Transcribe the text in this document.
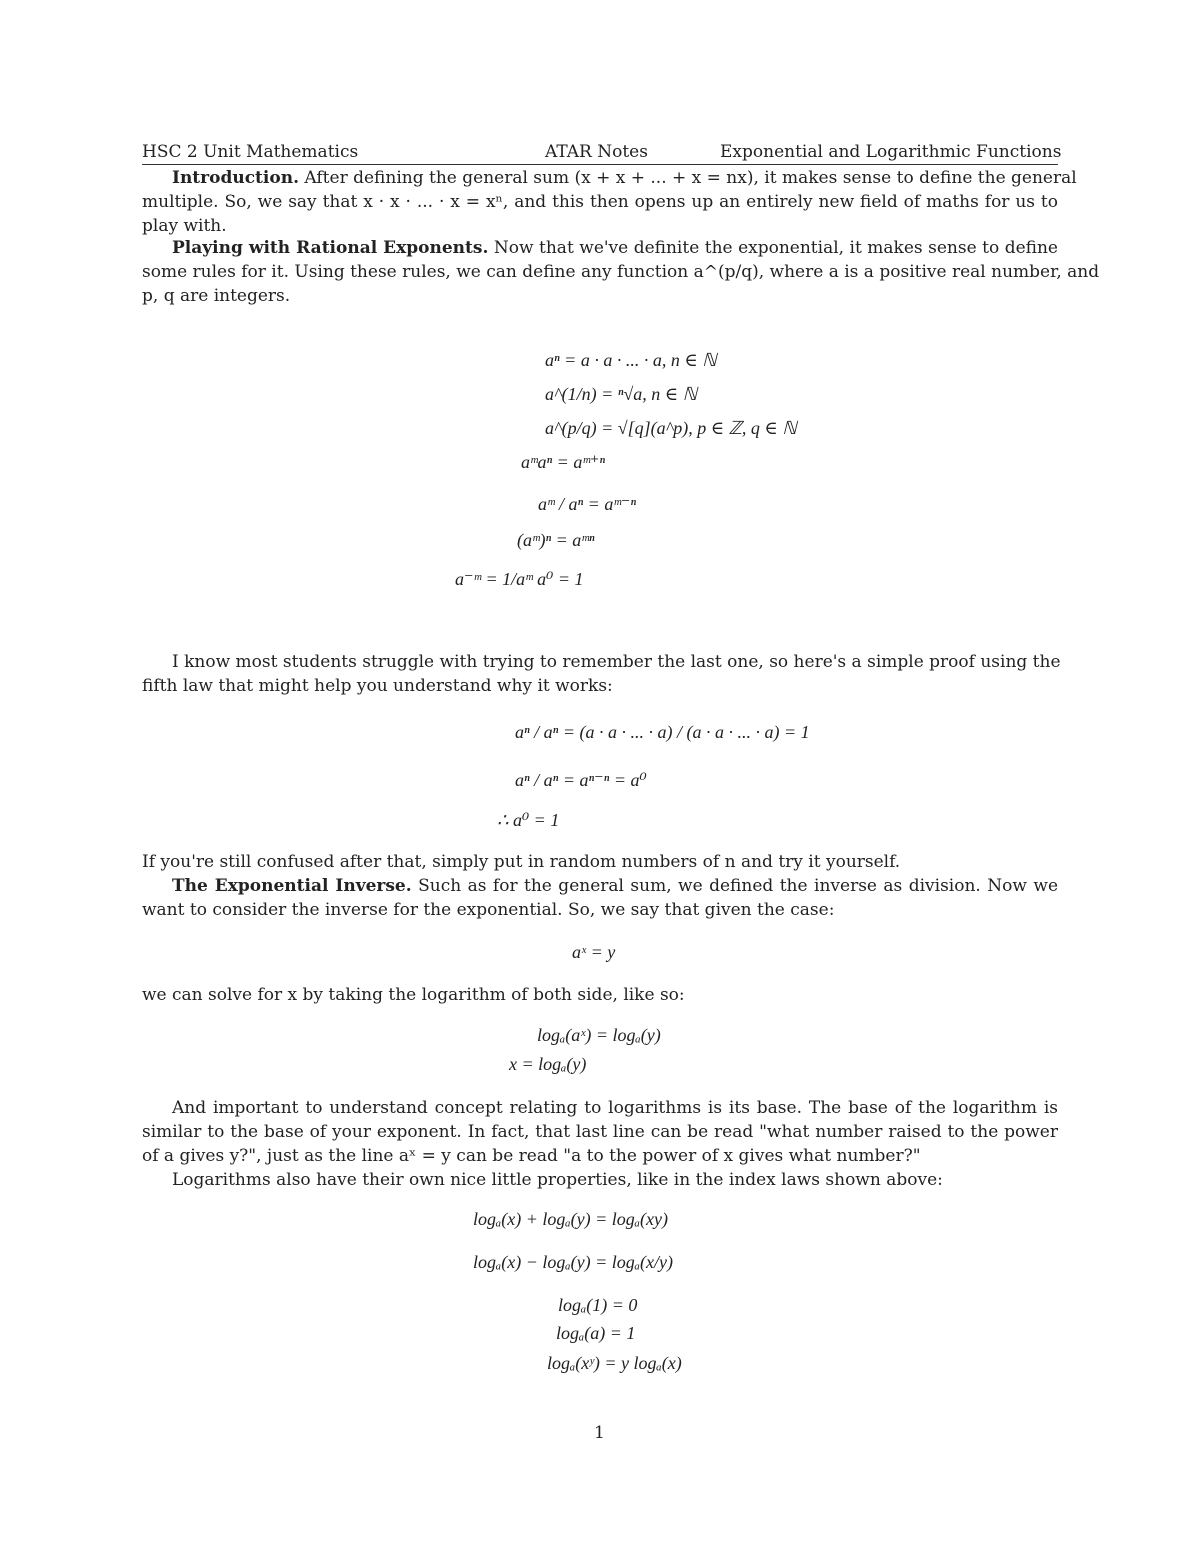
HSC 2 Unit Mathematics	ATAR Notes	Exponential and Logarithmic Functions
Introduction. After defining the general sum (x + x + ... + x = nx), it makes sense to define the general
multiple. So, we say that x · x · ... · x = xⁿ, and this then opens up an entirely new field of maths for us to
play with.
Playing with Rational Exponents. Now that we've definite the exponential, it makes sense to define
some rules for it. Using these rules, we can define any function a^(p/q), where a is a positive real number, and
p, q are integers.
aⁿ = a · a · ... · a, n ∈ ℕ
a^(1/n) = ⁿ√a, n ∈ ℕ
a^(p/q) = √[q](a^p), p ∈ ℤ, q ∈ ℕ
aᵐaⁿ = aᵐ⁺ⁿ
aᵐ / aⁿ = aᵐ⁻ⁿ
(aᵐ)ⁿ = aᵐⁿ
a⁻ᵐ = 1/aᵐ a⁰ = 1
I know most students struggle with trying to remember the last one, so here's a simple proof using the
fifth law that might help you understand why it works:
aⁿ / aⁿ = (a · a · ... · a) / (a · a · ... · a) = 1
aⁿ / aⁿ = aⁿ⁻ⁿ = a⁰
∴ a⁰ = 1
If you're still confused after that, simply put in random numbers of n and try it yourself.
The Exponential Inverse. Such as for the general sum, we defined the inverse as division. Now we
want to consider the inverse for the exponential. So, we say that given the case:
aˣ = y
we can solve for x by taking the logarithm of both side, like so:
logₐ(aˣ) = logₐ(y)
x = logₐ(y)
And important to understand concept relating to logarithms is its base. The base of the logarithm is
similar to the base of your exponent. In fact, that last line can be read "what number raised to the power
of a gives y?", just as the line aˣ = y can be read "a to the power of x gives what number?"
Logarithms also have their own nice little properties, like in the index laws shown above:
logₐ(x) + logₐ(y) = logₐ(xy)
logₐ(x) − logₐ(y) = logₐ(x/y)
logₐ(1) = 0
logₐ(a) = 1
logₐ(xʸ) = y logₐ(x)
1
